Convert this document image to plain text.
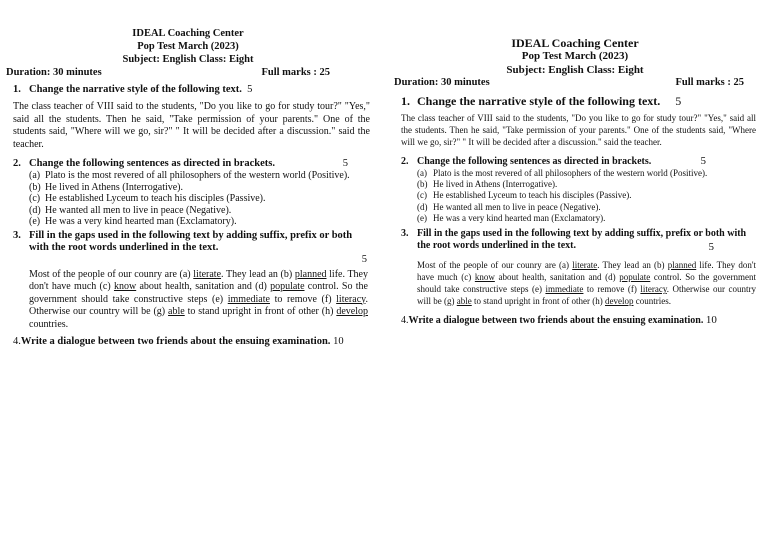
IDEAL Coaching Center

Pop Test March (2023)

Subject: English Class: Eight

Duration: 30 minutes	Full marks : 25
1. Change the narrative style of the following text. 5

The class teacher of VIII said to the students, "Do you like to go for study tour?" "Yes," said all the students. Then he said, "Take permission of your parents." One of the students said, "Where will we go, sir?" " It will be decided after a discussion." said the teacher.

2. Change the following sentences as directed in brackets.	5
(a) Plato is the most revered of all philosophers of the western world (Positive).
(b) He lived in Athens (Interrogative).
(c) He established Lyceum to teach his disciples (Passive).
(d) He wanted all men to live in peace (Negative).
(e) He was a very kind hearted man (Exclamatory).
3. Fill in the gaps used in the following text by adding suffix, prefix or both with the root words underlined in the text.
5

Most of the people of our counry are (a) literate. They lead an (b) planned life. They don't have much (c) know about health, sanitation and (d) populate control. So the government should take constructive steps (e) immediate to remove (f) literacy. Otherwise our country will be (g) able to stand upright in front of other (h) develop countries.

4. Write a dialogue between two friends about the ensuing examination. 10

IDEAL Coaching Center

Pop Test March (2023)

Subject: English Class: Eight

Duration: 30 minutes	Full marks : 25
1. Change the narrative style of the following text. 5

The class teacher of VIII said to the students, "Do you like to go for study tour?" "Yes," said all the students. Then he said, "Take permission of your parents." One of the students said, "Where will we go, sir?" " It will be decided after a discussion." said the teacher.

2. Change the following sentences as directed in brackets.	5
(a) Plato is the most revered of all philosophers of the western world (Positive).
(b) He lived in Athens (Interrogative).
(c) He established Lyceum to teach his disciples (Passive).
(d) He wanted all men to live in peace (Negative).
(e) He was a very kind hearted man (Exclamatory).
3. Fill in the gaps used in the following text by adding suffix, prefix or both with the root words underlined in the text.	5

Most of the people of our counry are (a) literate. They lead an (b) planned life. They don't have much (c) know about health, sanitation and (d) populate control. So the government should take constructive steps (e) immediate to remove (f) literacy. Otherwise our country will be (g) able to stand upright in front of other (h) develop countries.

4. Write a dialogue between two friends about the ensuing examination. 10
